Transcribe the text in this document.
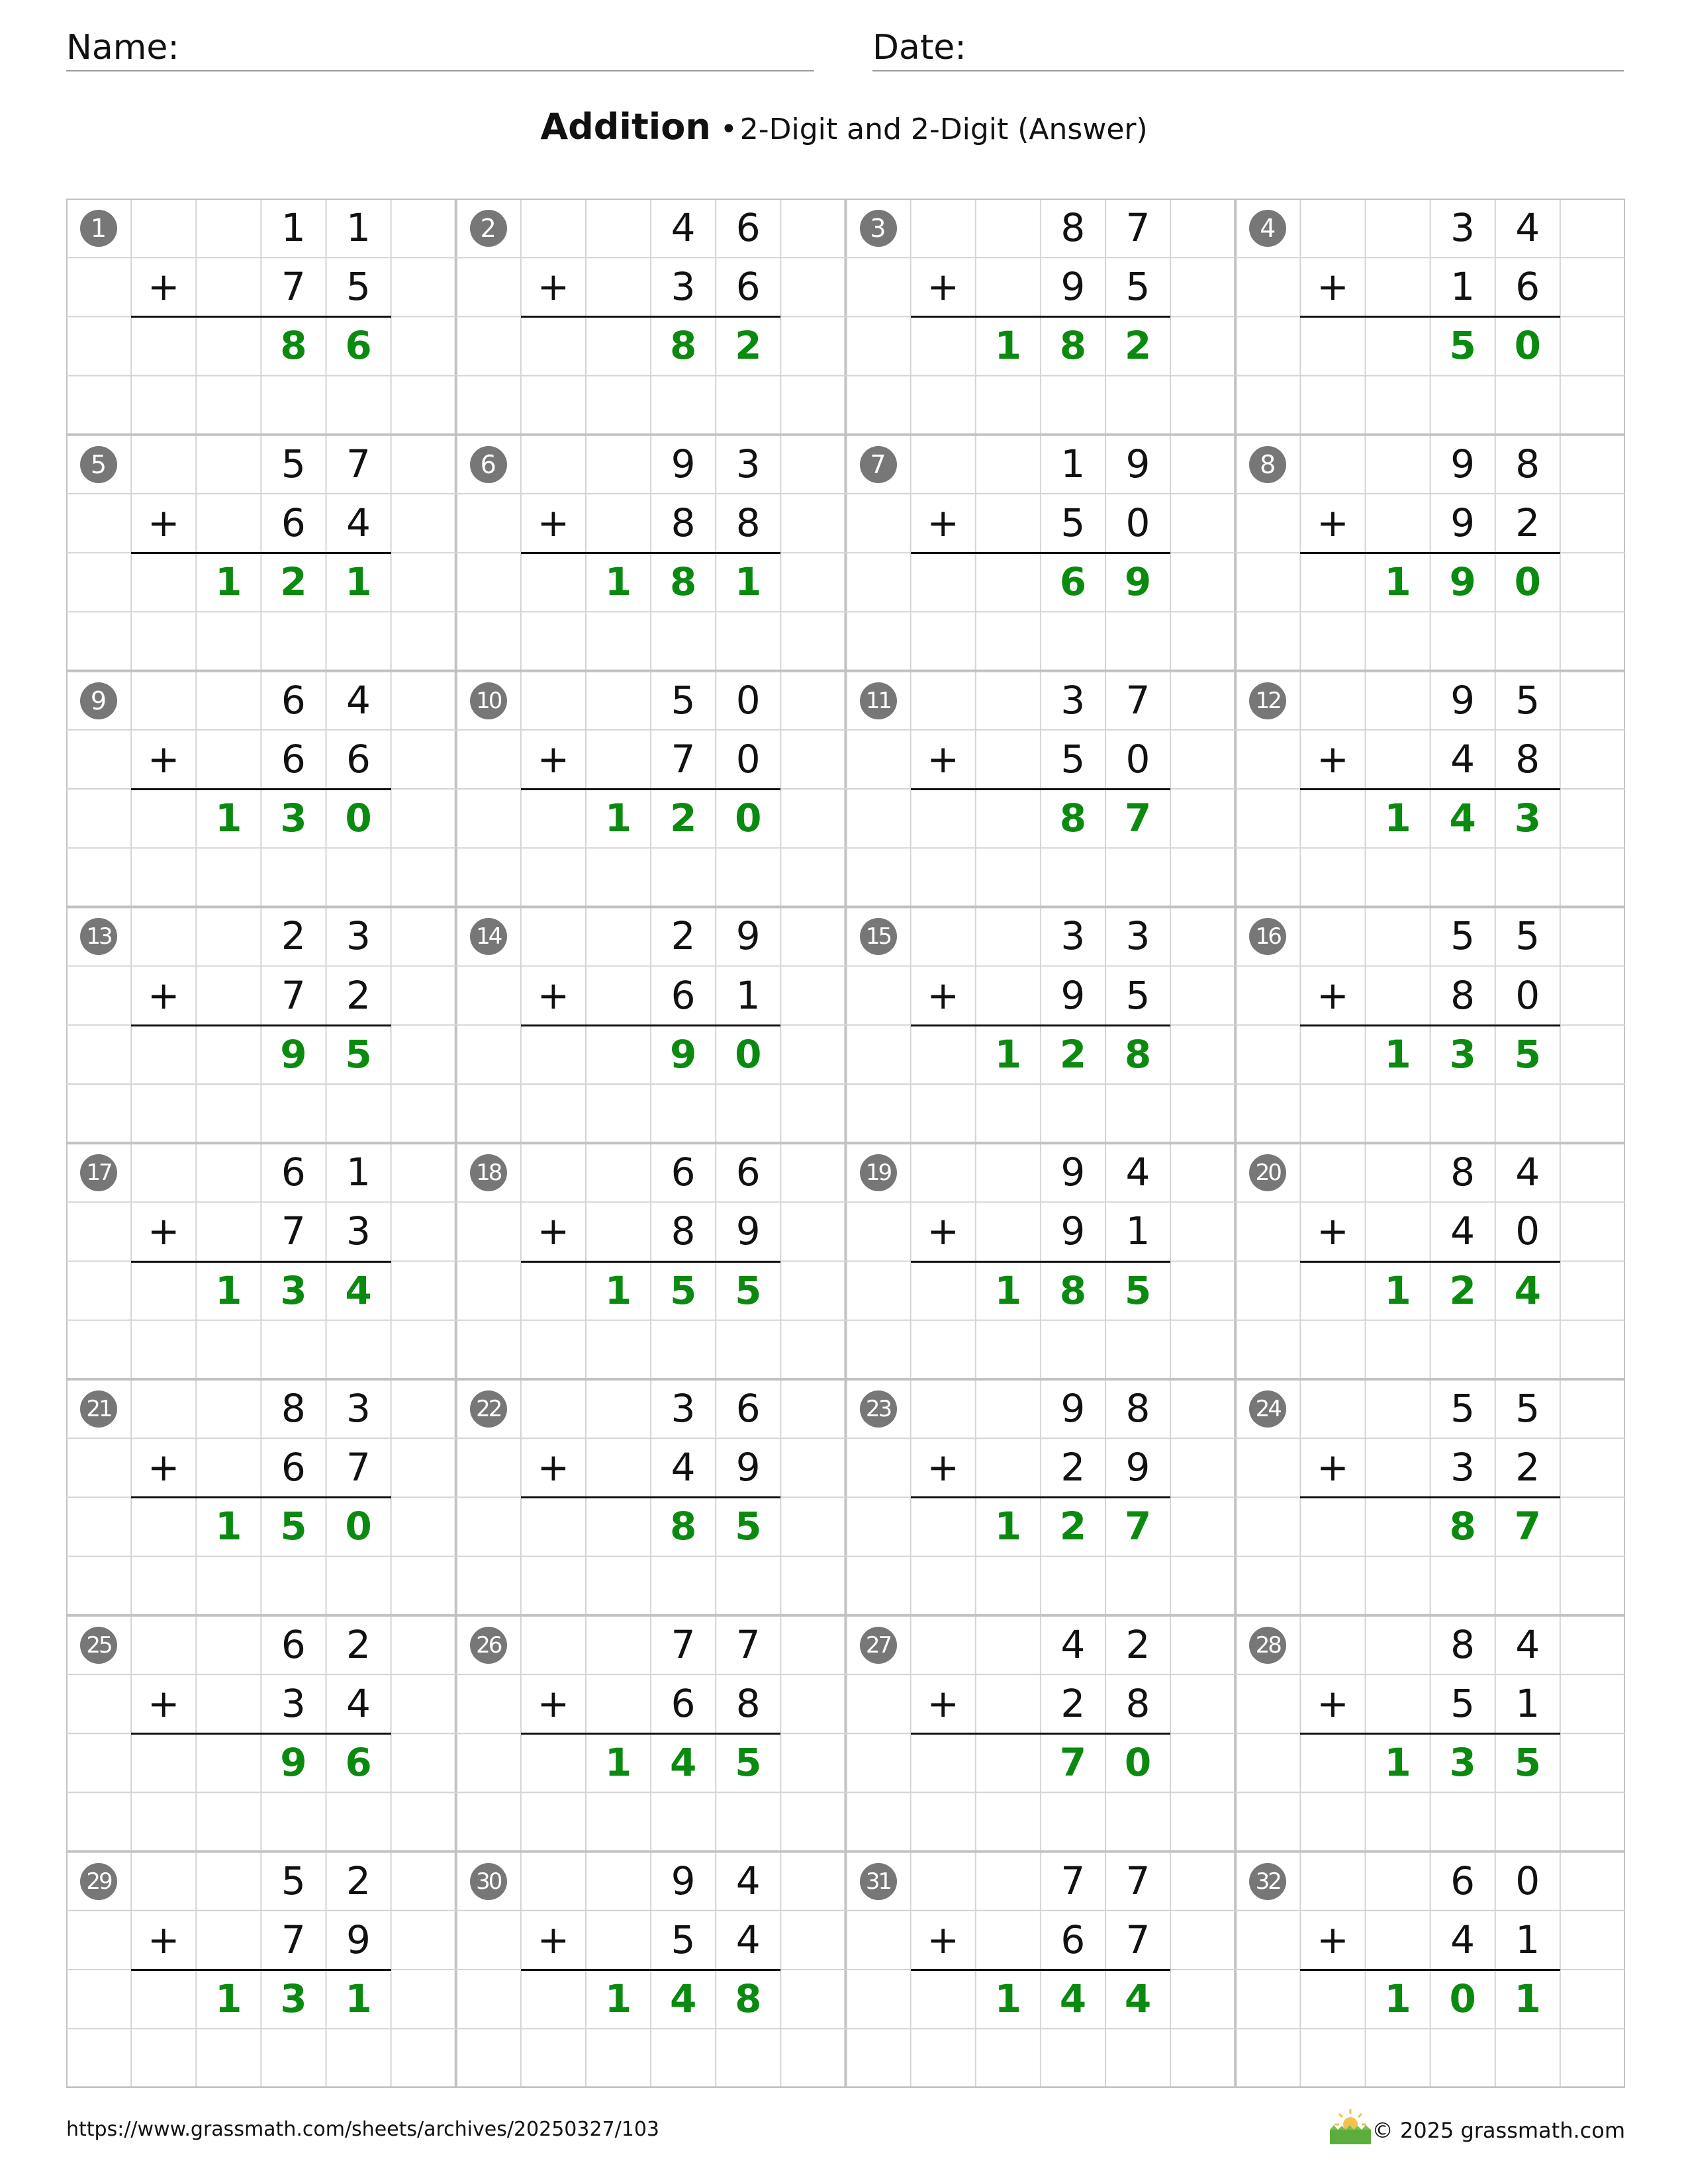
Name:	Date:
Addition •2-Digit and 2-Digit (Answer)
1	1	1
+	7	5
8 6
2	4	6
+	3	6
8 2
3	8	7
+	9	5
1 8 2
4	3	4
+	1	6
5 0
5	5	7
+	6	4
1 2 1
6	9	3
+	8	8
1 8 1
7	1	9
+	5	0
6 9
8	9	8
+	9	2
1 9 0
9	6	4
+	6	6
1 3 0
10	5	0
+	7	0
1 2 0
11	3	7
+	5	0
8 7
12	9	5
+	4	8
1 4 3
13	2	3
+	7	2
9 5
14	2	9
+	6	1
9 0
15	3	3
+	9	5
1 2 8
16	5	5
+	8	0
1 3 5
17	6	1
+	7	3
1 3 4
18	6	6
+	8	9
1 5 5
19	9	4
+	9	1
1 8 5
20	8	4
+	4	0
1 2 4
21	8	3
+	6	7
1 5 0
22	3	6
+	4	9
8 5
23	9	8
+	2	9
1 2 7
24	5	5
+	3	2
8 7
25	6	2
+	3	4
9 6
26	7	7
+	6	8
1 4 5
27	4	2
+	2	8
7 0
28	8	4
+	5	1
1 3 5
29	5	2
+	7	9
1 3 1
30	9	4
+	5	4
1 4 8
31	7	7
+	6	7
1 4 4
32	6	0
+	4	1
1 0 1
https://www.grassmath.com/sheets/archives/20250327/103	© 2025 grassmath.com
